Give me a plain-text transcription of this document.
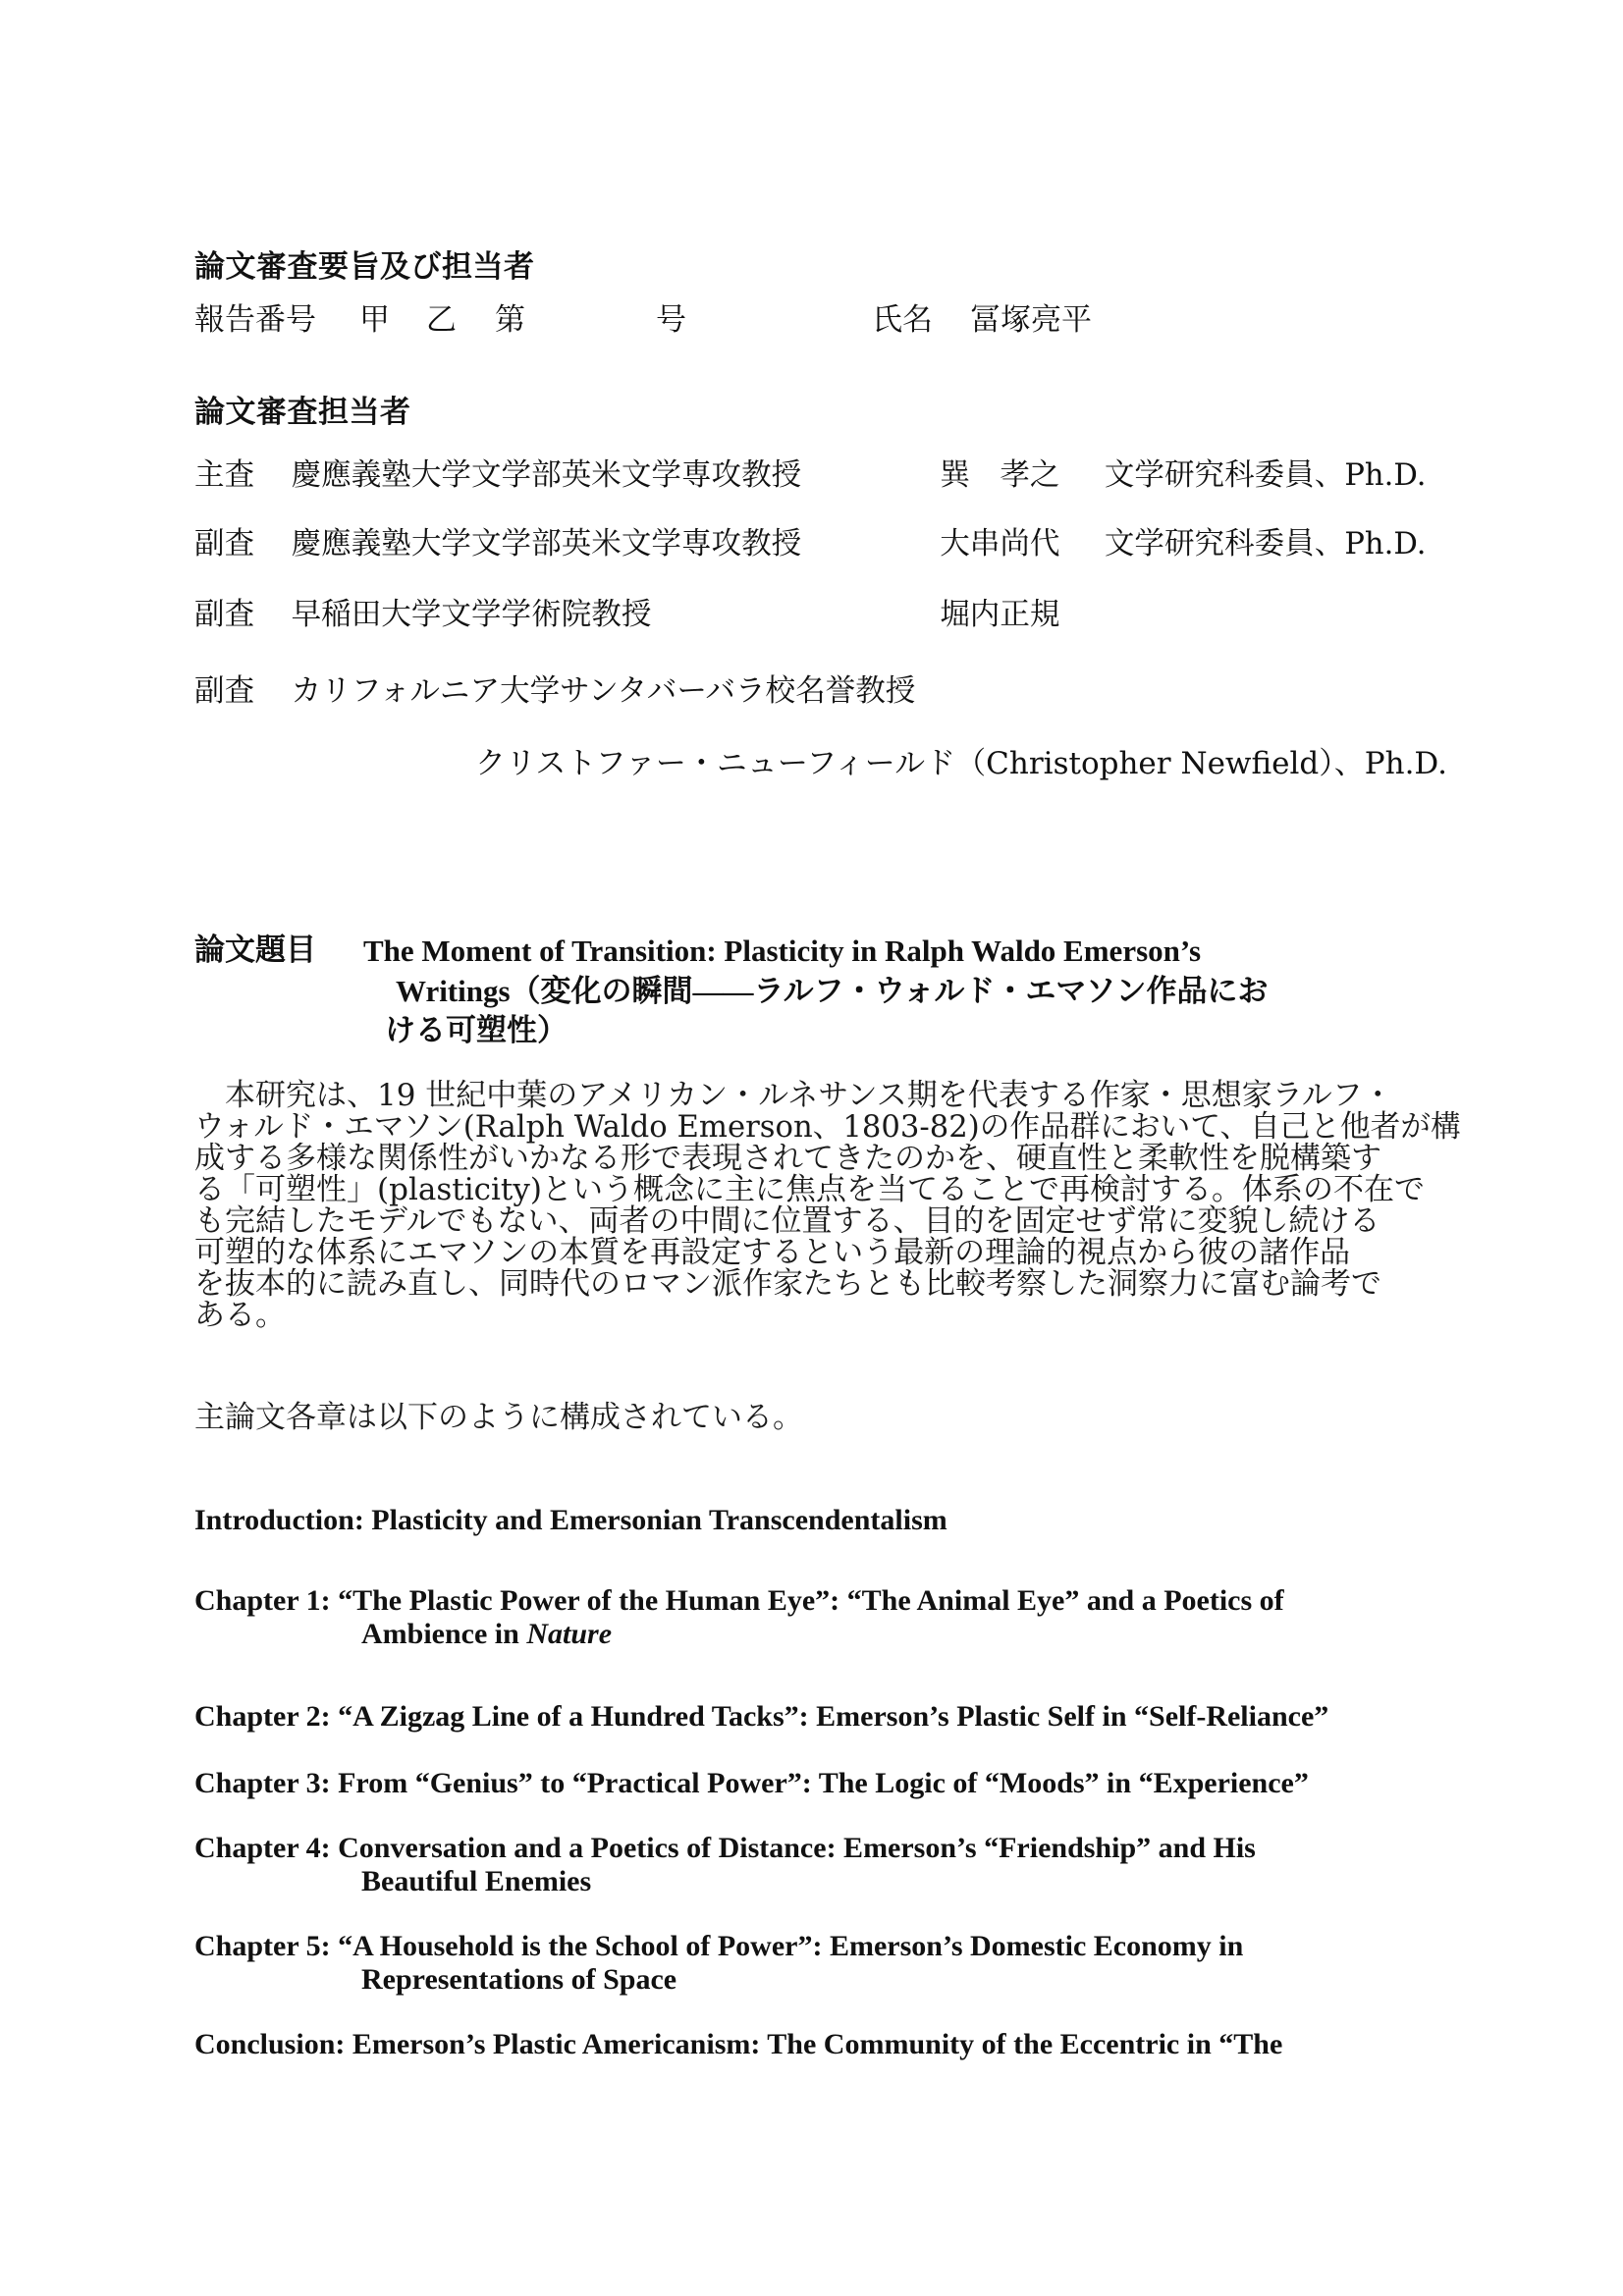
論文審査要旨及び担当者
報告番号 甲 乙 第	号	氏名 冨塚亮平
論文審査担当者
主査 慶應義塾大学文学部英米文学専攻教授	巽　孝之 文学研究科委員、Ph.D.
副査 慶應義塾大学文学部英米文学専攻教授	大串尚代 文学研究科委員、Ph.D.
副査 早稲田大学文学学術院教授	堀内正規
副査 カリフォルニア大学サンタバーバラ校名誉教授
クリストファー・ニューフィールド（Christopher Newfield）、Ph.D.
論文題目 The Moment of Transition: Plasticity in Ralph Waldo Emerson’s
Writings（変化の瞬間――ラルフ・ウォルド・エマソン作品にお
ける可塑性）
　本研究は、19 世紀中葉のアメリカン・ルネサンス期を代表する作家・思想家ラルフ・
ウォルド・エマソン(Ralph Waldo Emerson、1803-82)の作品群において、自己と他者が構
成する多様な関係性がいかなる形で表現されてきたのかを、硬直性と柔軟性を脱構築す
る「可塑性」(plasticity)という概念に主に焦点を当てることで再検討する。体系の不在で
も完結したモデルでもない、両者の中間に位置する、目的を固定せず常に変貌し続ける
可塑的な体系にエマソンの本質を再設定するという最新の理論的視点から彼の諸作品
を抜本的に読み直し、同時代のロマン派作家たちとも比較考察した洞察力に富む論考で
ある。
主論文各章は以下のように構成されている。
Introduction: Plasticity and Emersonian Transcendentalism
Chapter 1: “The Plastic Power of the Human Eye”: “The Animal Eye” and a Poetics of
Ambience in Nature
Chapter 2: “A Zigzag Line of a Hundred Tacks”: Emerson’s Plastic Self in “Self-Reliance”
Chapter 3: From “Genius” to “Practical Power”: The Logic of “Moods” in “Experience”
Chapter 4: Conversation and a Poetics of Distance: Emerson’s “Friendship” and His
Beautiful Enemies
Chapter 5: “A Household is the School of Power”: Emerson’s Domestic Economy in
Representations of Space
Conclusion: Emerson’s Plastic Americanism: The Community of the Eccentric in “The
